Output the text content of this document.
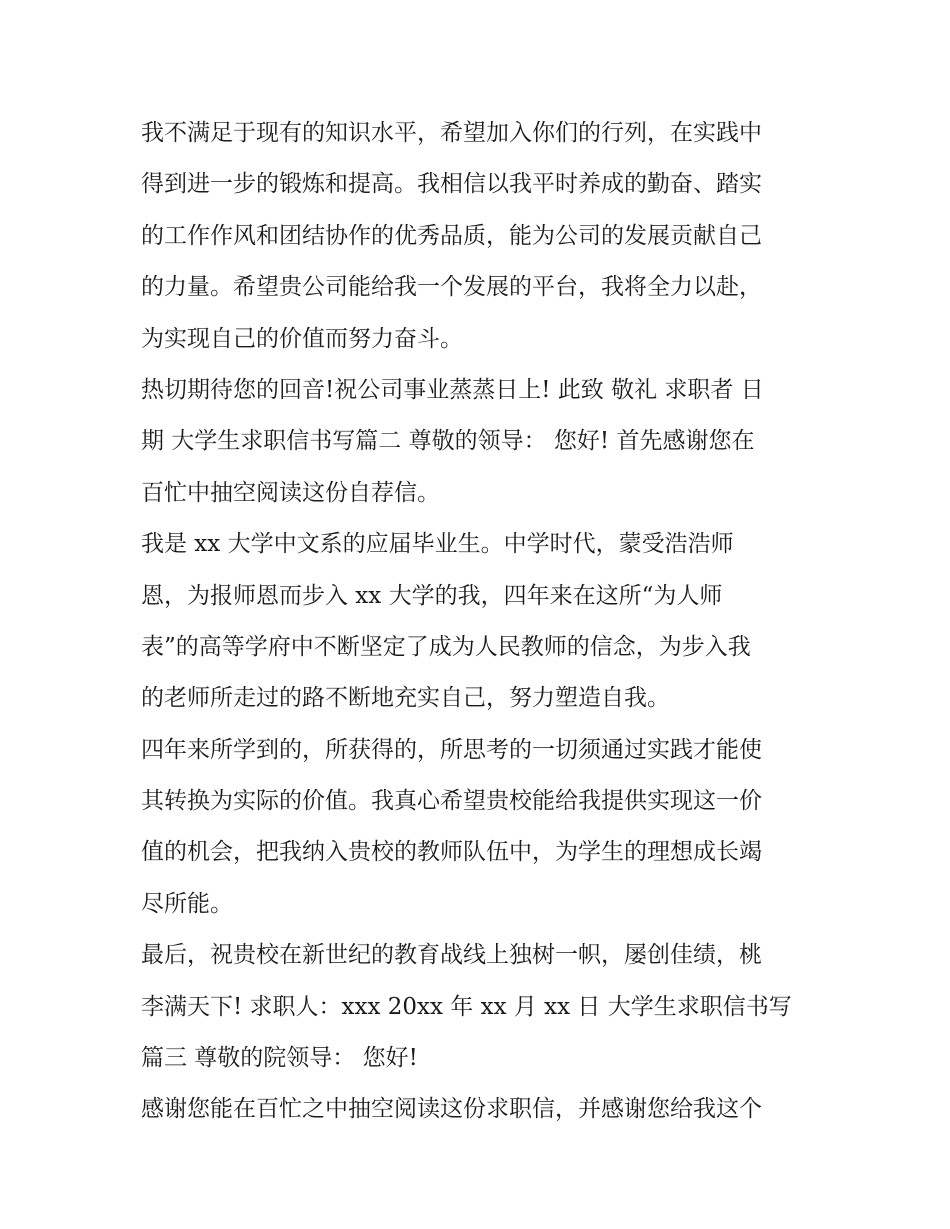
我不满足于现有的知识水平，希望加入你们的行列，在实践中
得到进一步的锻炼和提高。我相信以我平时养成的勤奋、踏实
的工作作风和团结协作的优秀品质，能为公司的发展贡献自己
的力量。希望贵公司能给我一个发展的平台，我将全力以赴，
为实现自己的价值而努力奋斗。
热切期待您的回音!祝公司事业蒸蒸日上! 此致 敬礼 求职者 日
期 大学生求职信书写篇二 尊敬的领导： 您好! 首先感谢您在
百忙中抽空阅读这份自荐信。
我是 xx 大学中文系的应届毕业生。中学时代，蒙受浩浩师
恩，为报师恩而步入 xx 大学的我，四年来在这所“为人师
表”的高等学府中不断坚定了成为人民教师的信念，为步入我
的老师所走过的路不断地充实自己，努力塑造自我。
四年来所学到的，所获得的，所思考的一切须通过实践才能使
其转换为实际的价值。我真心希望贵校能给我提供实现这一价
值的机会，把我纳入贵校的教师队伍中，为学生的理想成长竭
尽所能。
最后，祝贵校在新世纪的教育战线上独树一帜，屡创佳绩，桃
李满天下! 求职人：xxx 20xx 年 xx 月 xx 日 大学生求职信书写
篇三 尊敬的院领导： 您好!
感谢您能在百忙之中抽空阅读这份求职信，并感谢您给我这个
